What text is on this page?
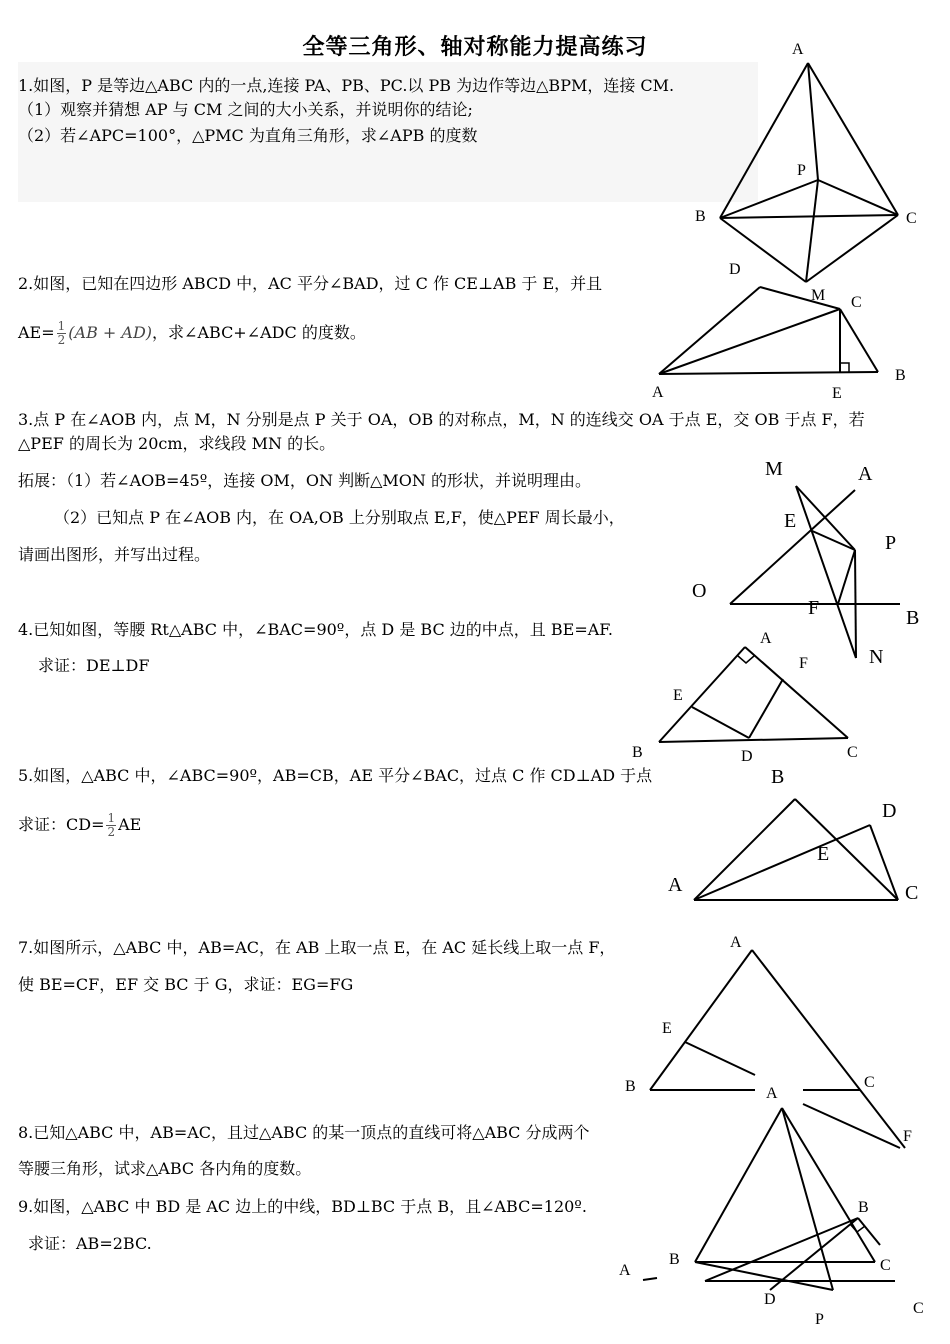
全等三角形、轴对称能力提高练习
1.如图，P 是等边△ABC 内的一点,连接 PA、PB、PC.以 PB 为边作等边△BPM，连接 CM.
（1）观察并猜想 AP 与 CM 之间的大小关系，并说明你的结论;
（2）若∠APC=100°，△PMC 为直角三角形，求∠APB 的度数
2.如图，已知在四边形 ABCD 中，AC 平分∠BAD，过 C 作 CE⊥AB 于 E，并且
$AE= \frac{1}{2} (AB + AD)$，求∠ABC+∠ADC 的度数。
3.点 P 在∠AOB 内，点 M，N 分别是点 P 关于 OA，OB 的对称点，M，N 的连线交 OA 于点 E，交 OB 于点 F，若
△PEF 的周长为 20cm，求线段 MN 的长。
拓展：（1）若∠AOB=45º，连接 OM，ON 判断△MON 的形状，并说明理由。
（2）已知点 P 在∠AOB 内，在 OA,OB 上分别取点 E,F，使△PEF 周长最小，
请画出图形，并写出过程。
4.已知如图，等腰 Rt△ABC 中，∠BAC=90º，点 D 是 BC 边的中点，且 BE=AF.
求证：DE⊥DF
5.如图，△ABC 中，∠ABC=90º，AB=CB，AE 平分∠BAC，过点 C 作 CD⊥AD 于点
求证：$CD= \frac{1}{2}$ AE
7.如图所示，△ABC 中，AB=AC，在 AB 上取一点 E，在 AC 延长线上取一点 F，
使 BE=CF，EF 交 BC 于 G，求证：EG=FG
8.已知△ABC 中，AB=AC，且过△ABC 的某一顶点的直线可将△ABC 分成两个
等腰三角形，试求△ABC 各内角的度数。
9.如图，△ABC 中 BD 是 AC 边上的中线，BD⊥BC 于点 B，且∠ABC=120º.
求证：AB=2BC.
A
P
B	C
D
M C
A	E
B
M	A
E
P
O
F	B
N
A
F
E
B	D	C
B
D
E
A	C
A
E
B	C
F
A
B	C
P
A
B
D
C
